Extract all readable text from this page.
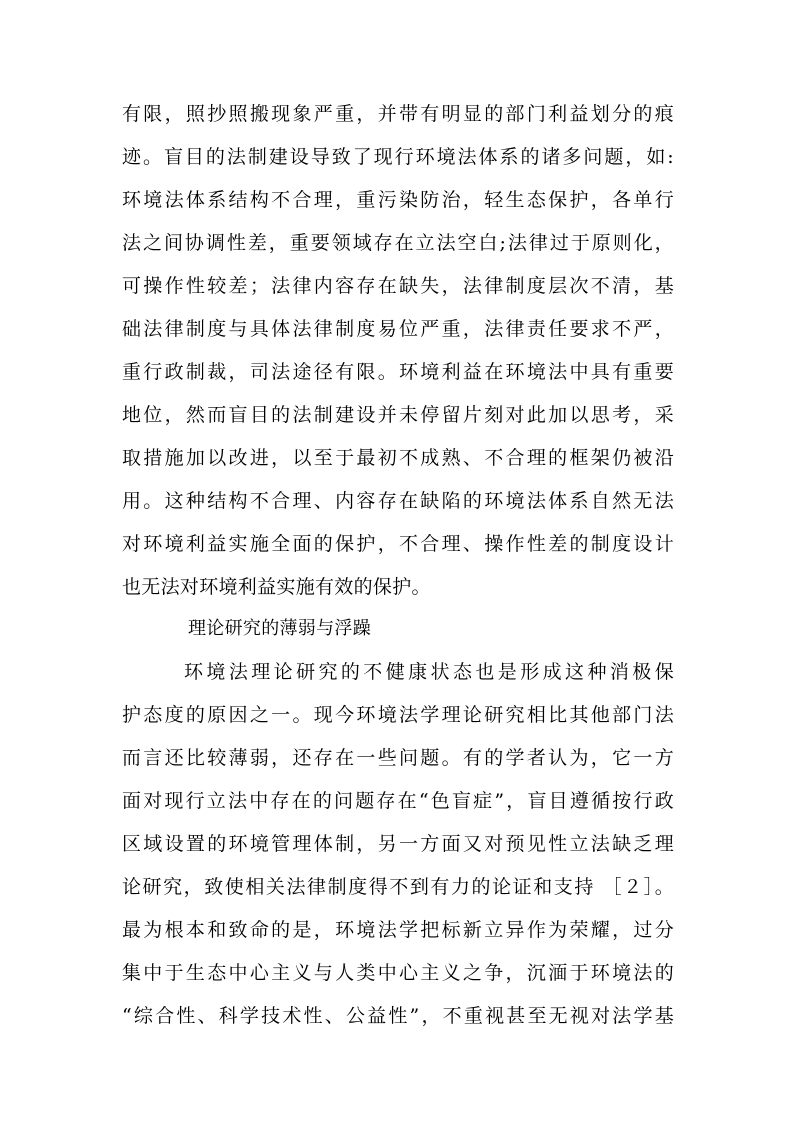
有限，照抄照搬现象严重，并带有明显的部门利益划分的痕
迹。盲目的法制建设导致了现行环境法体系的诸多问题，如:
环境法体系结构不合理，重污染防治，轻生态保护，各单行
法之间协调性差，重要领域存在立法空白;法律过于原则化，
可操作性较差；法律内容存在缺失，法律制度层次不清，基
础法律制度与具体法律制度易位严重，法律责任要求不严，
重行政制裁，司法途径有限。环境利益在环境法中具有重要
地位，然而盲目的法制建设并未停留片刻对此加以思考，采
取措施加以改进，以至于最初不成熟、不合理的框架仍被沿
用。这种结构不合理、内容存在缺陷的环境法体系自然无法
对环境利益实施全面的保护，不合理、操作性差的制度设计
也无法对环境利益实施有效的保护。
理论研究的薄弱与浮躁
环境法理论研究的不健康状态也是形成这种消极保
护态度的原因之一。现今环境法学理论研究相比其他部门法
而言还比较薄弱，还存在一些问题。有的学者认为，它一方
面对现行立法中存在的问题存在“色盲症”，盲目遵循按行政
区域设置的环境管理体制，另一方面又对预见性立法缺乏理
论研究，致使相关法律制度得不到有力的论证和支持 ［２］。
最为根本和致命的是，环境法学把标新立异作为荣耀，过分
集中于生态中心主义与人类中心主义之争，沉湎于环境法的
“综合性、科学技术性、公益性”，不重视甚至无视对法学基
